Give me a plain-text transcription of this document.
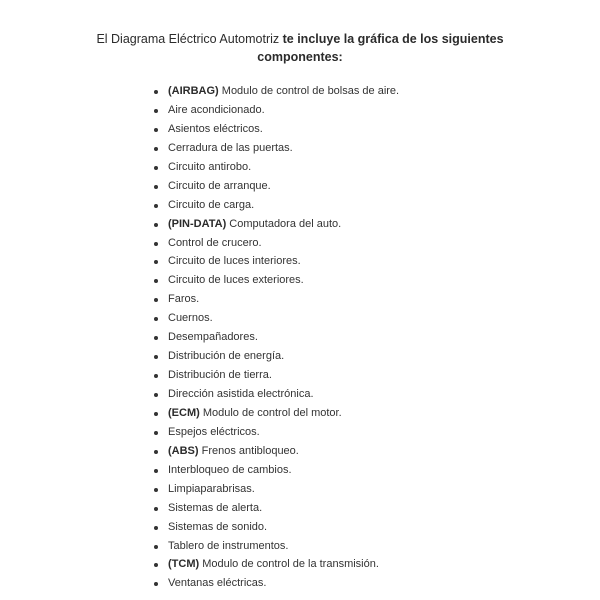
El Diagrama Eléctrico Automotriz te incluye la gráfica de los siguientes componentes:
(AIRBAG) Modulo de control de bolsas de aire.
Aire acondicionado.
Asientos eléctricos.
Cerradura de las puertas.
Circuito antirobo.
Circuito de arranque.
Circuito de carga.
(PIN-DATA) Computadora del auto.
Control de crucero.
Circuito de luces interiores.
Circuito de luces exteriores.
Faros.
Cuernos.
Desempañadores.
Distribución de energía.
Distribución de tierra.
Dirección asistida electrónica.
(ECM) Modulo de control del motor.
Espejos eléctricos.
(ABS) Frenos antibloqueo.
Interbloqueo de cambios.
Limpiaparabrisas.
Sistemas de alerta.
Sistemas de sonido.
Tablero de instrumentos.
(TCM) Modulo de control de la transmisión.
Ventanas eléctricas.
